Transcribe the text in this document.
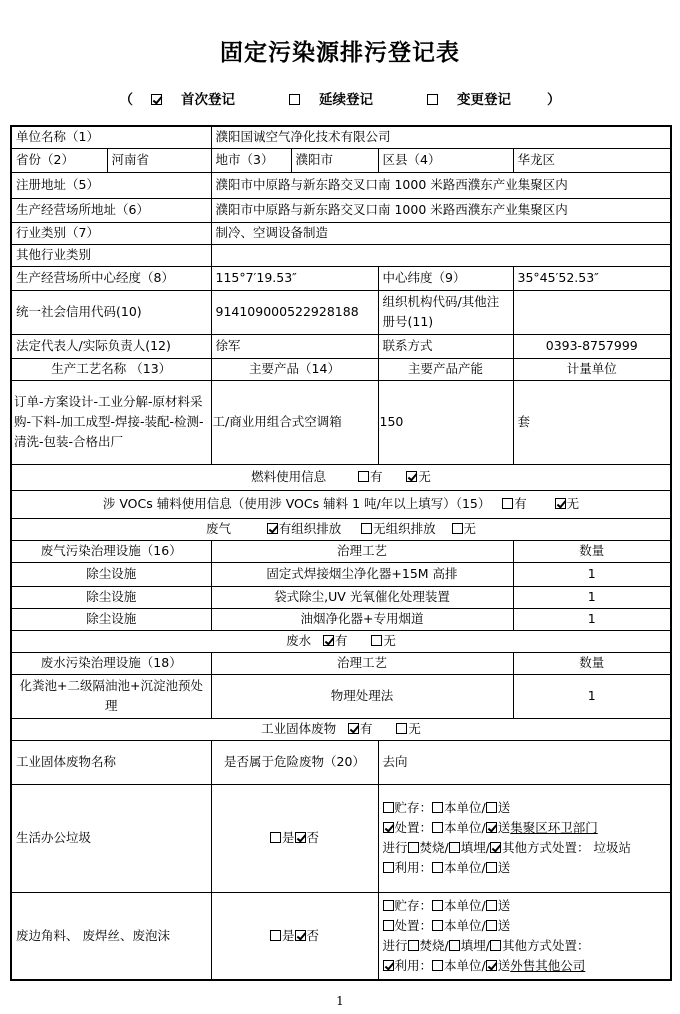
固定污染源排污登记表
（	首次登记	延续登记	变更登记	）
单位名称（1）		濮阳国诚空气净化技术有限公司			
省份（2）	河南省	地市（3）	濮阳市	区县（4）	华龙区
注册地址（5）		濮阳市中原路与新东路交叉口南 1000 米路西濮东产业集聚区内			
生产经营场所地址（6）		濮阳市中原路与新东路交叉口南 1000 米路西濮东产业集聚区内			
行业类别（7）		制冷、空调设备制造			
其他行业类别					
生产经营场所中心经度（8）		115°7′19.53″		中心纬度（9）	35°45′52.53″
统一社会信用代码(10)		914109000522928188		组织机构代码/其他注册号(11)	
法定代表人/实际负责人(12)		徐军		联系方式	0393-8757999
生产工艺名称 （13）		主要产品（14）		主要产品产能	计量单位
订单-方案设计-工业分解-原材料采购-下料-加工成型-焊接-装配-检测-清洗-包装-合格出厂		工/商业用组合式空调箱		150	套
燃料使用信息 有 无					
涉 VOCs 辅料使用信息（使用涉 VOCs 辅料 1 吨/年以上填写）（15） 有 无					
废气 有组织排放 无组织排放 无					
废气污染治理设施（16）		治理工艺			数量
除尘设施		固定式焊接烟尘净化器+15M 高排			1
除尘设施		袋式除尘,UV 光氧催化处理装置			1
除尘设施		油烟净化器+专用烟道			1
废水 有 无					
废水污染治理设施（18）		治理工艺			数量
化粪池+二级隔油池+沉淀池预处理		物理处理法			1
工业固体废物 有 无					
工业固体废物名称		是否属于危险废物（20）		去向	
生活办公垃圾		是 否		贮存： 本单位/ 送
处置： 本单位/ 送集聚区环卫部门
进行 焚烧/ 填埋/ 其他方式处置： 垃圾站
利用： 本单位/ 送	

废边角料、 废焊丝、废泡沫		是 否		贮存： 本单位/ 送
处置： 本单位/ 送
进行 焚烧/ 填埋/ 其他方式处置：
利用： 本单位/ 送外售其他公司	
1
